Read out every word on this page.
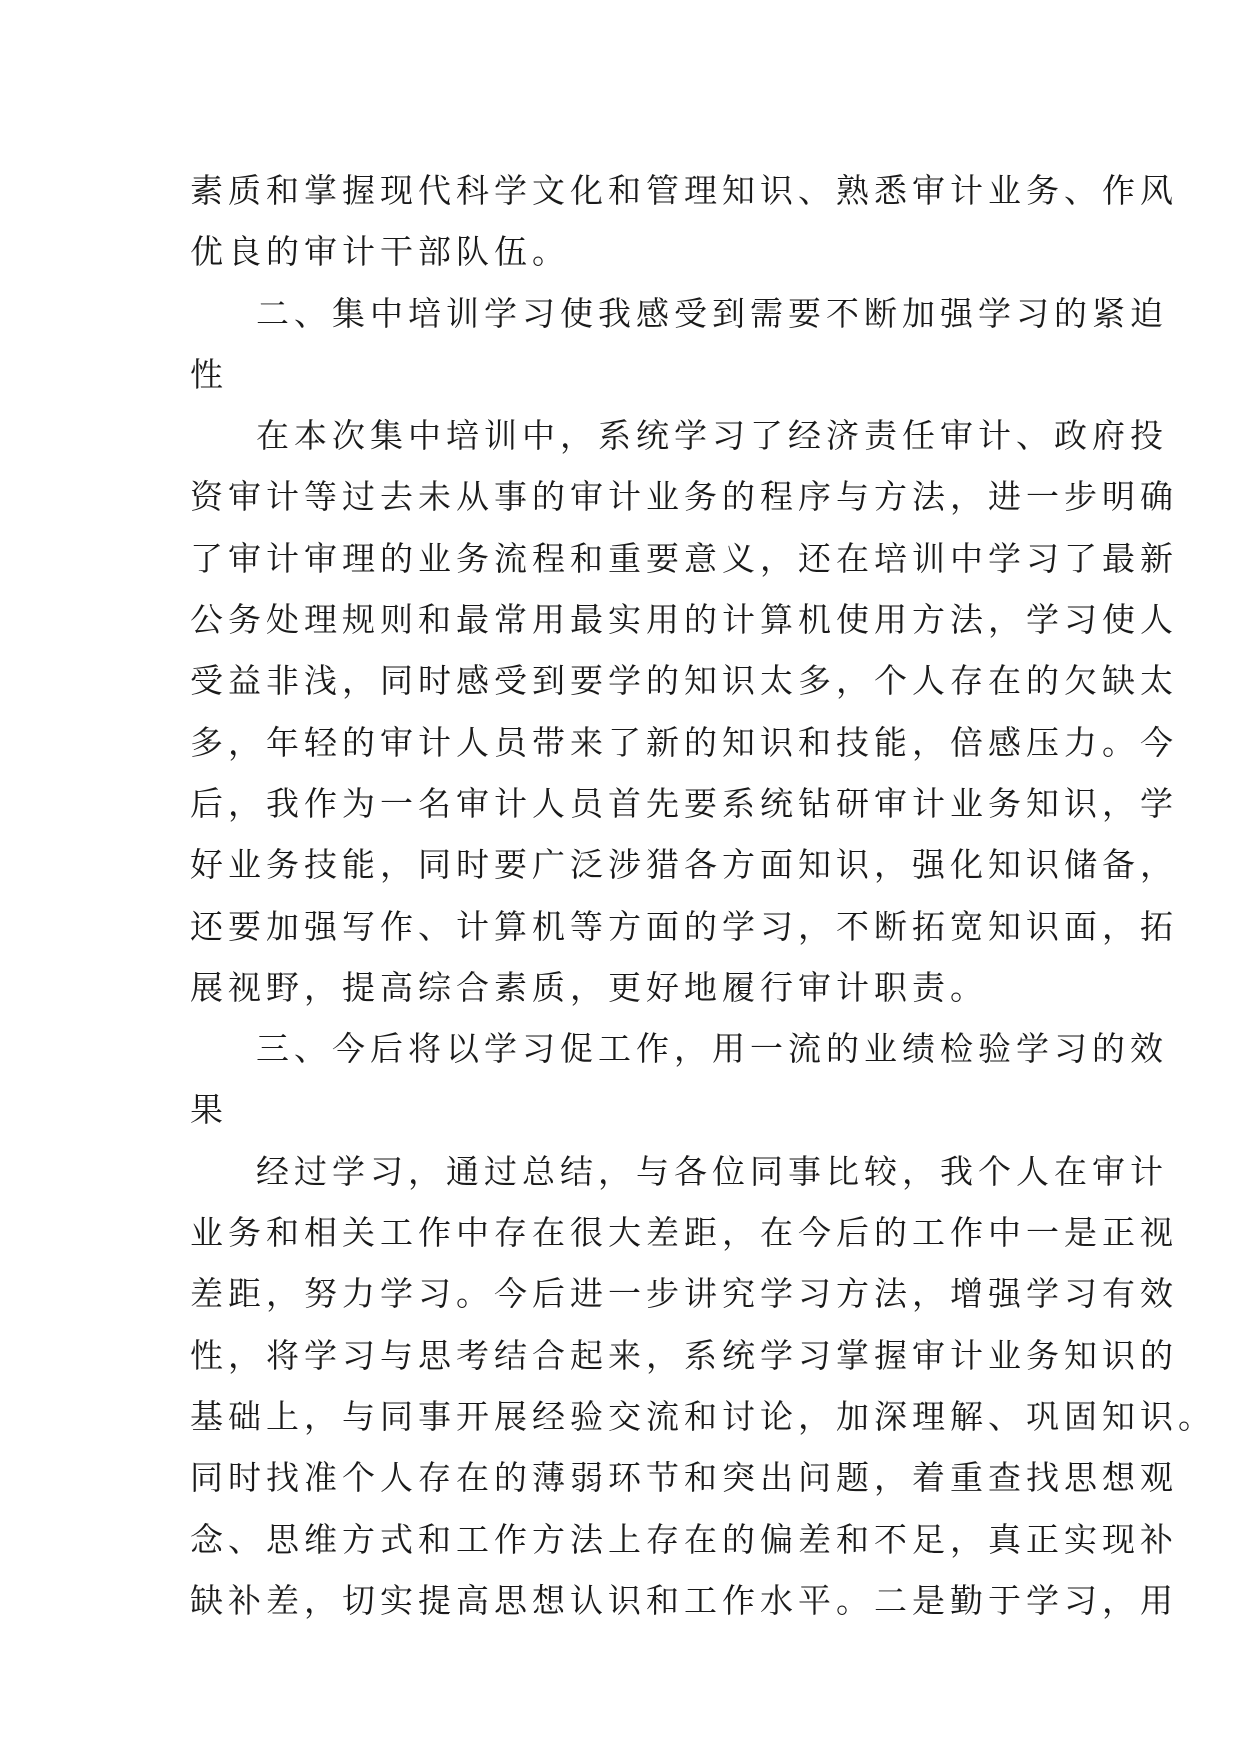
素质和掌握现代科学文化和管理知识、熟悉审计业务、作风
优良的审计干部队伍。
二、集中培训学习使我感受到需要不断加强学习的紧迫
性
在本次集中培训中，系统学习了经济责任审计、政府投
资审计等过去未从事的审计业务的程序与方法，进一步明确
了审计审理的业务流程和重要意义，还在培训中学习了最新
公务处理规则和最常用最实用的计算机使用方法，学习使人
受益非浅，同时感受到要学的知识太多，个人存在的欠缺太
多，年轻的审计人员带来了新的知识和技能，倍感压力。今
后，我作为一名审计人员首先要系统钻研审计业务知识，学
好业务技能，同时要广泛涉猎各方面知识，强化知识储备，
还要加强写作、计算机等方面的学习，不断拓宽知识面，拓
展视野，提高综合素质，更好地履行审计职责。
三、今后将以学习促工作，用一流的业绩检验学习的效
果
经过学习，通过总结，与各位同事比较，我个人在审计
业务和相关工作中存在很大差距，在今后的工作中一是正视
差距，努力学习。今后进一步讲究学习方法，增强学习有效
性，将学习与思考结合起来，系统学习掌握审计业务知识的
基础上，与同事开展经验交流和讨论，加深理解、巩固知识。
同时找准个人存在的薄弱环节和突出问题，着重查找思想观
念、思维方式和工作方法上存在的偏差和不足，真正实现补
缺补差，切实提高思想认识和工作水平。二是勤于学习，用
